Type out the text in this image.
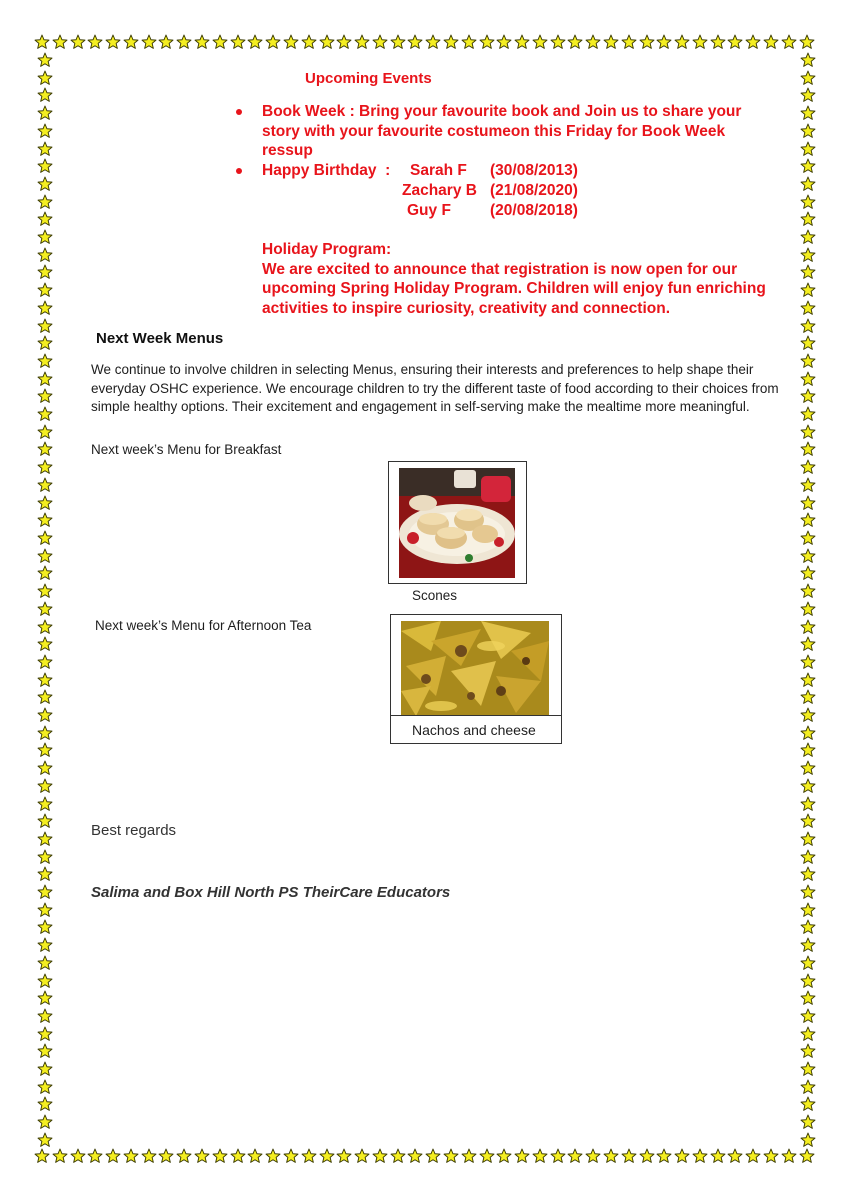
Upcoming Events
Book Week : Bring your favourite book and Join us to share your story with your favourite costumeon this Friday for Book Week ressup
Happy Birthday  :	Sarah F (30/08/2013)
Zachary B (21/08/2020)
Guy F	(20/08/2018)
Holiday Program:
We are excited to announce that registration is now open for our upcoming Spring Holiday Program. Children will enjoy fun enriching activities to inspire curiosity, creativity and connection.
Next Week Menus
We continue to involve children in selecting Menus, ensuring their interests and preferences to help shape their everyday OSHC experience. We encourage children to try the different taste of food according to their choices from simple healthy options. Their excitement and engagement in self-serving make the mealtime more meaningful.
Next week’s Menu for Breakfast
Scones
Next week’s Menu for Afternoon Tea
Nachos and cheese
Best regards
Salima and Box Hill North PS TheirCare Educators
